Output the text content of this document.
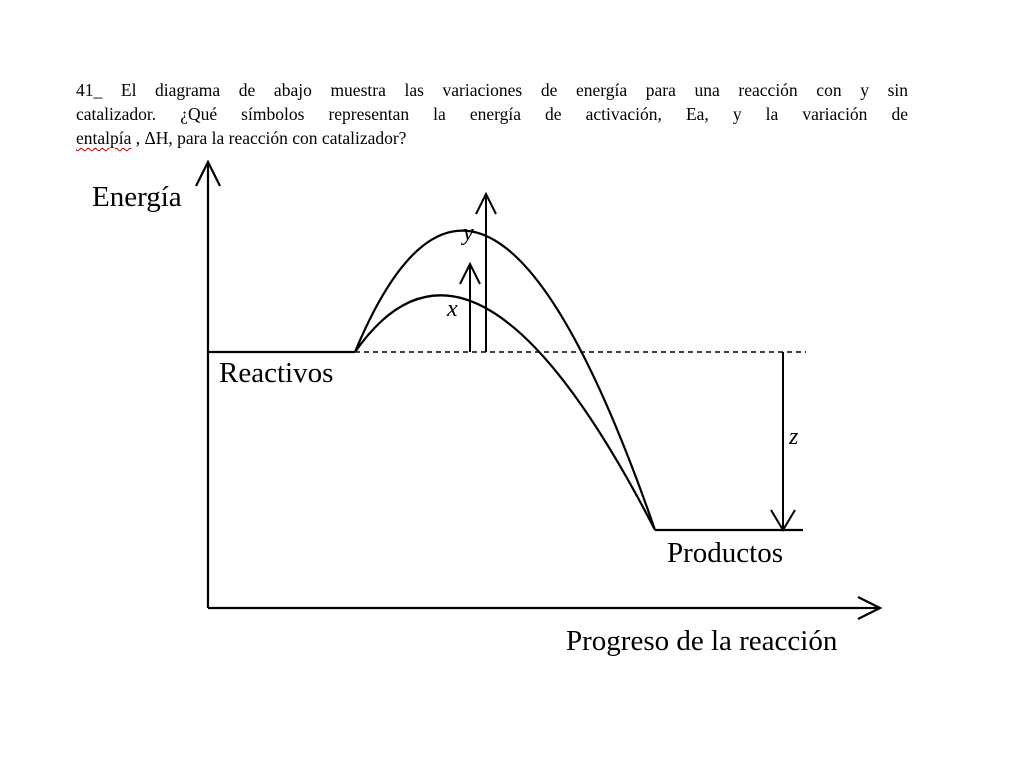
41_ El diagrama de abajo muestra las variaciones de energía para una reacción con y sin
catalizador. ¿Qué símbolos representan la energía de activación, Ea, y la variación de
entalpía , ΔH, para la reacción con catalizador?
Energía
Progreso de la reacción
Reactivos
Productos
y
x
z
